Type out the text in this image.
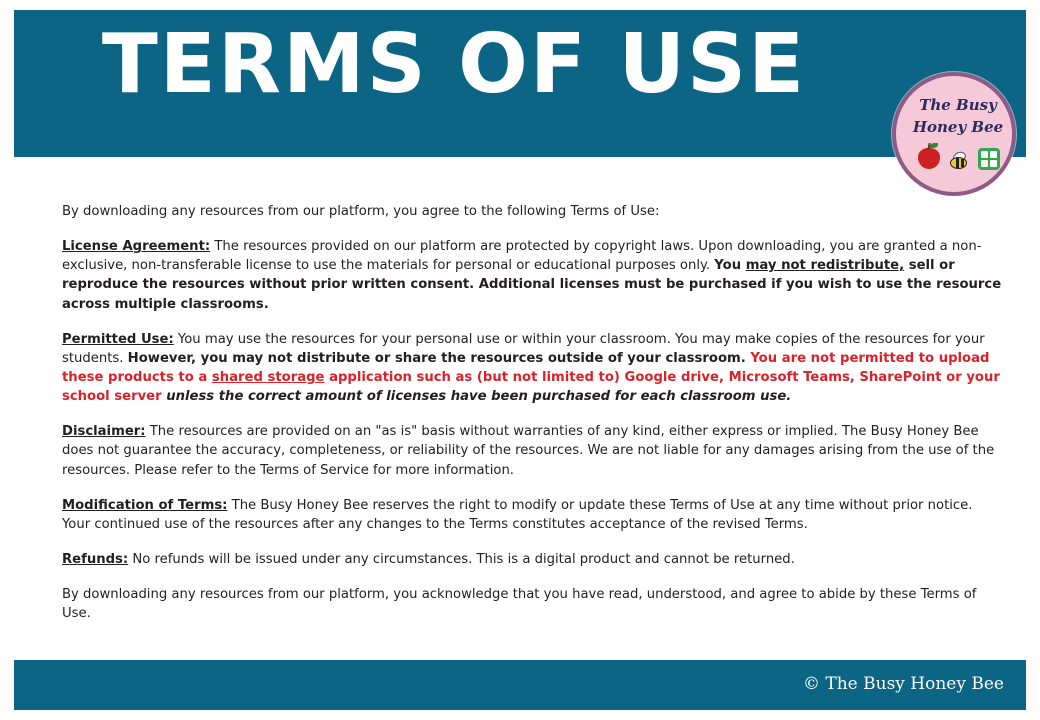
TERMS OF USE	The Busy
Honey Bee

By downloading any resources from our platform, you agree to the following Terms of Use:

License Agreement: The resources provided on our platform are protected by copyright laws. Upon downloading, you are granted a non-exclusive, non-transferable license to use the materials for personal or educational purposes only. You may not redistribute, sell or reproduce the resources without prior written consent. Additional licenses must be purchased if you wish to use the resource across multiple classrooms.

Permitted Use: You may use the resources for your personal use or within your classroom. You may make copies of the resources for your students. However, you may not distribute or share the resources outside of your classroom. You are not permitted to upload these products to a shared storage application such as (but not limited to) Google drive, Microsoft Teams, SharePoint or your school server unless the correct amount of licenses have been purchased for each classroom use.

Disclaimer: The resources are provided on an "as is" basis without warranties of any kind, either express or implied. The Busy Honey Bee does not guarantee the accuracy, completeness, or reliability of the resources. We are not liable for any damages arising from the use of the resources. Please refer to the Terms of Service for more information.

Modification of Terms: The Busy Honey Bee reserves the right to modify or update these Terms of Use at any time without prior notice. Your continued use of the resources after any changes to the Terms constitutes acceptance of the revised Terms.

Refunds: No refunds will be issued under any circumstances. This is a digital product and cannot be returned.

By downloading any resources from our platform, you acknowledge that you have read, understood, and agree to abide by these Terms of Use.

© The Busy Honey Bee
